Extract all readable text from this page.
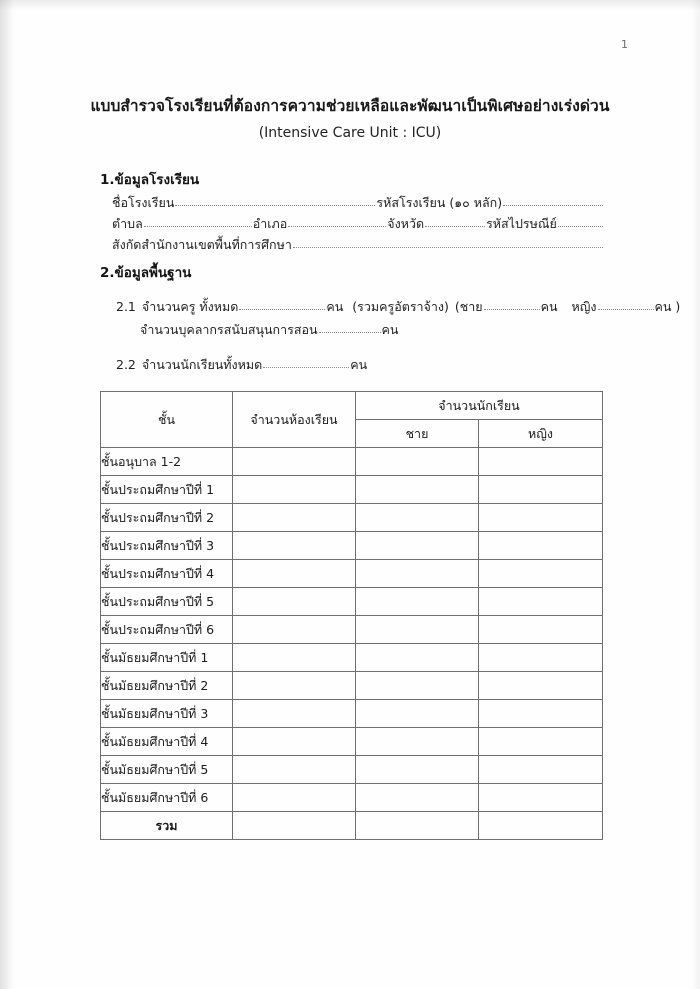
1
แบบสำรวจโรงเรียนที่ต้องการความช่วยเหลือและพัฒนาเป็นพิเศษอย่างเร่งด่วน
(Intensive Care Unit : ICU)
1.ข้อมูลโรงเรียน
ชื่อโรงเรียน	รหัสโรงเรียน (๑๐ หลัก)
ตำบล	อำเภอ	จังหวัด	รหัสไปรษณีย์
สังกัดสำนักงานเขตพื้นที่การศึกษา
2.ข้อมูลพื้นฐาน
2.1 จำนวนครู ทั้งหมด	คน (รวมครูอัตราจ้าง) (ชาย	คน หญิง	คน )
จำนวนบุคลากรสนับสนุนการสอน	คน
2.2 จำนวนนักเรียนทั้งหมด	คน
ชั้น	จำนวนห้องเรียน	จำนวนนักเรียน	
		ชาย	หญิง
ชั้นอนุบาล 1-2			
ชั้นประถมศึกษาปีที่ 1			
ชั้นประถมศึกษาปีที่ 2			
ชั้นประถมศึกษาปีที่ 3			
ชั้นประถมศึกษาปีที่ 4			
ชั้นประถมศึกษาปีที่ 5			
ชั้นประถมศึกษาปีที่ 6			
ชั้นมัธยมศึกษาปีที่ 1			
ชั้นมัธยมศึกษาปีที่ 2			
ชั้นมัธยมศึกษาปีที่ 3			
ชั้นมัธยมศึกษาปีที่ 4			
ชั้นมัธยมศึกษาปีที่ 5			
ชั้นมัธยมศึกษาปีที่ 6			
รวม			
